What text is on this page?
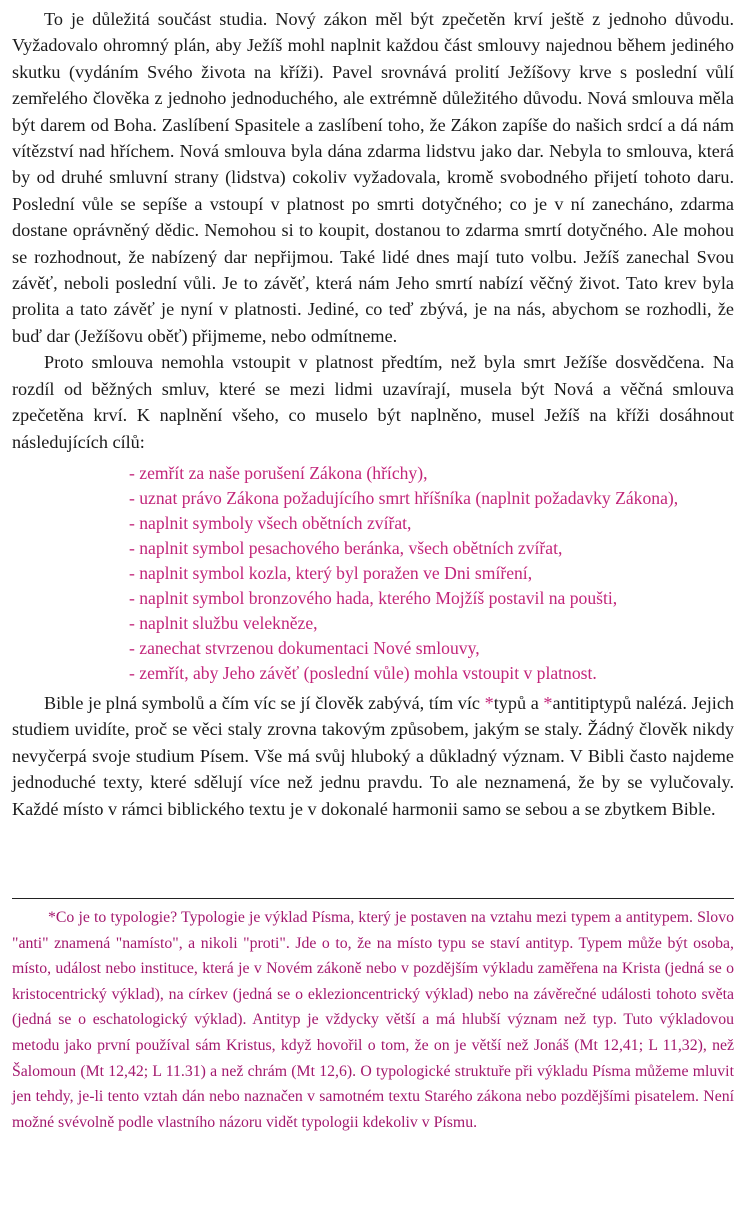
To je důležitá součást studia. Nový zákon měl být zpečetěn krví ještě z jednoho důvodu. Vyžadovalo ohromný plán, aby Ježíš mohl naplnit každou část smlouvy najednou během jediného skutku (vydáním Svého života na kříži). Pavel srovnává prolití Ježíšovy krve s poslední vůlí zemřelého člověka z jednoho jednoduchého, ale extrémně důležitého důvodu. Nová smlouva měla být darem od Boha. Zaslíbení Spasitele a zaslíbení toho, že Zákon zapíše do našich srdcí a dá nám vítězství nad hříchem. Nová smlouva byla dána zdarma lidstvu jako dar. Nebyla to smlouva, která by od druhé smluvní strany (lidstva) cokoliv vyžadovala, kromě svobodného přijetí tohoto daru. Poslední vůle se sepíše a vstoupí v platnost po smrti dotyčného; co je v ní zanecháno, zdarma dostane oprávněný dědic. Nemohou si to koupit, dostanou to zdarma smrtí dotyčného. Ale mohou se rozhodnout, že nabízený dar nepřijmou. Také lidé dnes mají tuto volbu. Ježíš zanechal Svou závěť, neboli poslední vůli. Je to závěť, která nám Jeho smrtí nabízí věčný život. Tato krev byla prolita a tato závěť je nyní v platnosti. Jediné, co teď zbývá, je na nás, abychom se rozhodli, že buď dar (Ježíšovu oběť) přijmeme, nebo odmítneme.

Proto smlouva nemohla vstoupit v platnost předtím, než byla smrt Ježíše dosvědčena. Na rozdíl od běžných smluv, které se mezi lidmi uzavírají, musela být Nová a věčná smlouva zpečetěna krví. K naplnění všeho, co muselo být naplněno, musel Ježíš na kříži dosáhnout následujících cílů:

- zemřít za naše porušení Zákona (hříchy),
- uznat právo Zákona požadujícího smrt hříšníka (naplnit požadavky Zákona),
- naplnit symboly všech obětních zvířat,
- naplnit symbol pesachového beránka, všech obětních zvířat,
- naplnit symbol kozla, který byl poražen ve Dni smíření,
- naplnit symbol bronzového hada, kterého Mojžíš postavil na poušti,
- naplnit službu velekněze,
- zanechat stvrzenou dokumentaci Nové smlouvy,
- zemřít, aby Jeho závěť (poslední vůle) mohla vstoupit v platnost.

Bible je plná symbolů a čím víc se jí člověk zabývá, tím víc *typů a *antitiptypů nalézá. Jejich studiem uvidíte, proč se věci staly zrovna takovým způsobem, jakým se staly. Žádný člověk nikdy nevyčerpá svoje studium Písem. Vše má svůj hluboký a důkladný význam. V Bibli často najdeme jednoduché texty, které sdělují více než jednu pravdu. To ale neznamená, že by se vylučovaly. Každé místo v rámci biblického textu je v dokonalé harmonii samo se sebou a se zbytkem Bible.

*Co je to typologie? Typologie je výklad Písma, který je postaven na vztahu mezi typem a antitypem. Slovo "anti" znamená "namísto", a nikoli "proti". Jde o to, že na místo typu se staví antityp. Typem může být osoba, místo, událost nebo instituce, která je v Novém zákoně nebo v pozdějším výkladu zaměřena na Krista (jedná se o kristocentrický výklad), na církev (jedná se o eklezioncentrický výklad) nebo na závěrečné události tohoto světa (jedná se o eschatologický výklad). Antityp je vždycky větší a má hlubší význam než typ. Tuto výkladovou metodu jako první používal sám Kristus, když hovořil o tom, že on je větší než Jonáš (Mt 12,41; L 11,32), než Šalomoun (Mt 12,42; L 11.31) a než chrám (Mt 12,6). O typologické struktuře při výkladu Písma můžeme mluvit jen tehdy, je-li tento vztah dán nebo naznačen v samotném textu Starého zákona nebo pozdějšími pisatelem. Není možné svévolně podle vlastního názoru vidět typologii kdekoliv v Písmu.
